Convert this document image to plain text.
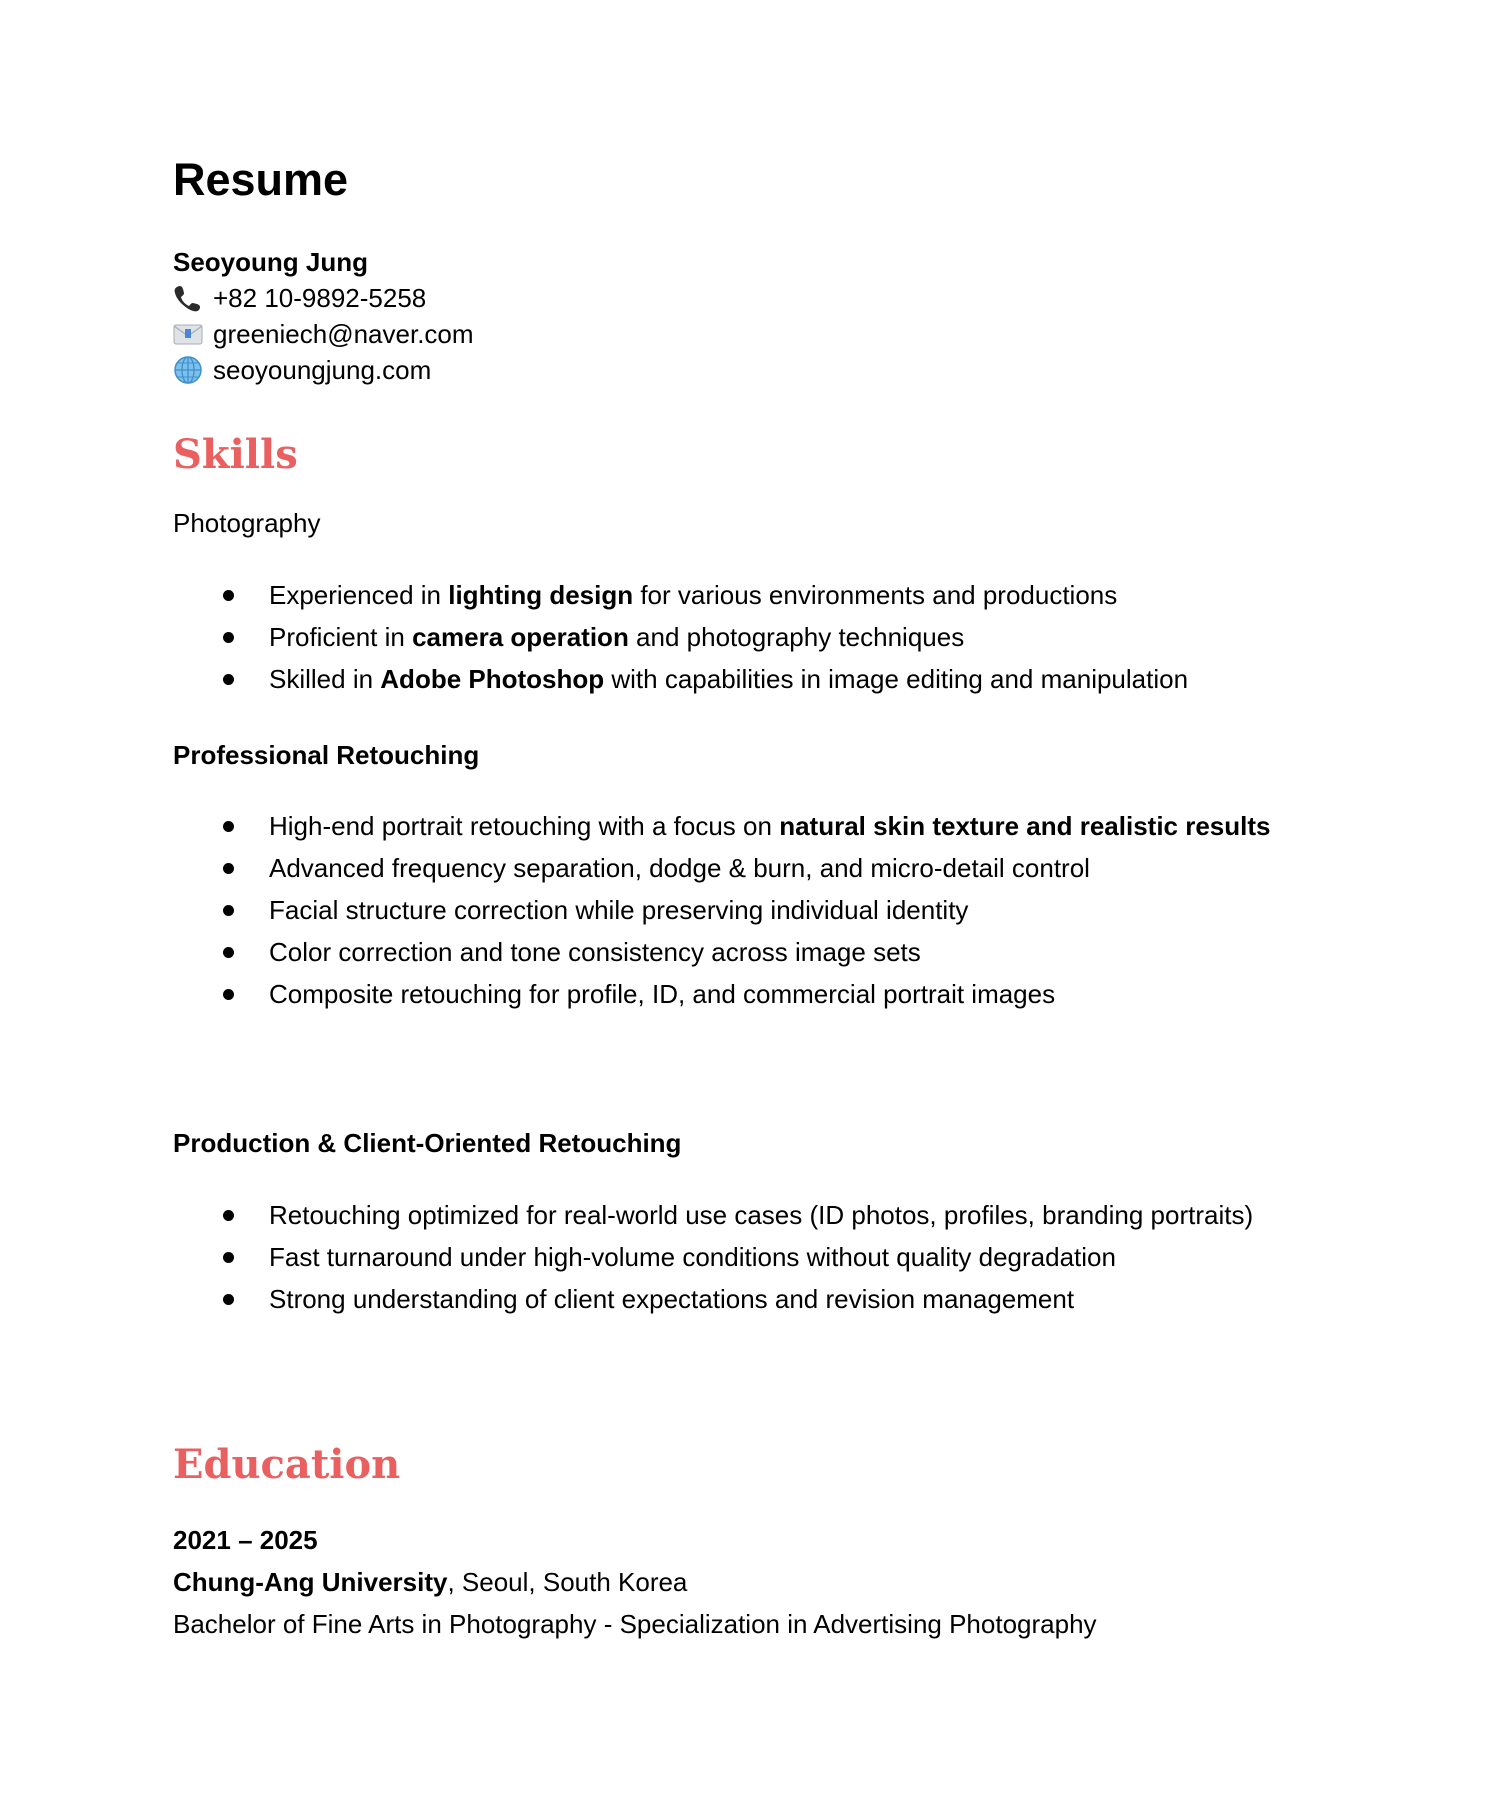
Resume
Seoyoung Jung
+82 10-9892-5258
greeniech@naver.com
seoyoungjung.com
Skills
Photography
Experienced in lighting design for various environments and productions
Proficient in camera operation and photography techniques
Skilled in Adobe Photoshop with capabilities in image editing and manipulation
Professional Retouching
High-end portrait retouching with a focus on natural skin texture and realistic results
Advanced frequency separation, dodge & burn, and micro-detail control
Facial structure correction while preserving individual identity
Color correction and tone consistency across image sets
Composite retouching for profile, ID, and commercial portrait images
Production & Client-Oriented Retouching
Retouching optimized for real-world use cases (ID photos, profiles, branding portraits)
Fast turnaround under high-volume conditions without quality degradation
Strong understanding of client expectations and revision management
Education
2021 – 2025
Chung-Ang University, Seoul, South Korea
Bachelor of Fine Arts in Photography - Specialization in Advertising Photography
